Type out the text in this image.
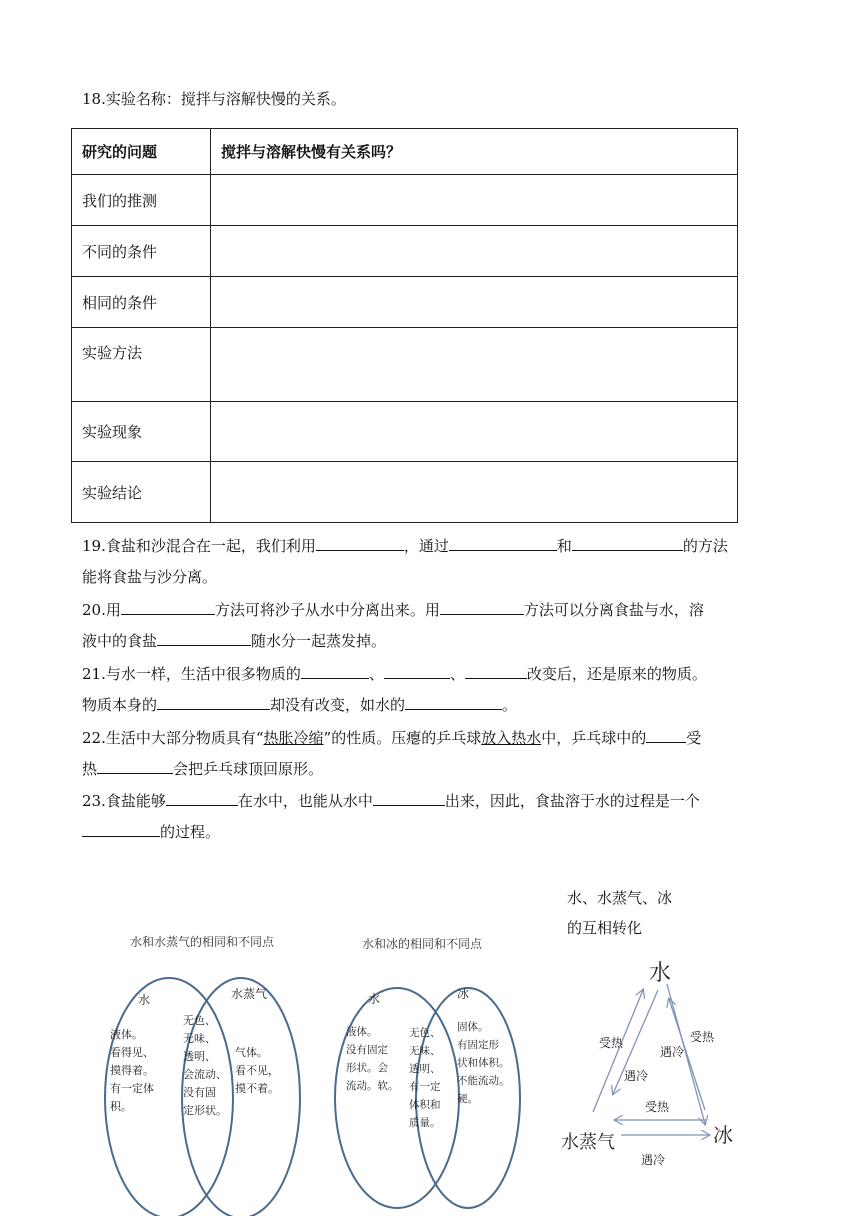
18.实验名称：搅拌与溶解快慢的关系。
研究的问题	搅拌与溶解快慢有关系吗？
我们的推测	
不同的条件	
相同的条件	
实验方法	
实验现象	
实验结论	
19.食盐和沙混合在一起，我们利用	，通过	和	的方法
能将食盐与沙分离。
20.用	方法可将沙子从水中分离出来。用	方法可以分离食盐与水，溶
液中的食盐	随水分一起蒸发掉。
21.与水一样，生活中很多物质的	、	、	改变后，还是原来的物质。
物质本身的	却没有改变，如水的	。
22.生活中大部分物质具有“热胀冷缩”的性质。压瘪的乒乓球放入热水中，乒乓球中的	受
热	会把乒乓球顶回原形。
23.食盐能够	在水中，也能从水中	出来，因此，食盐溶于水的过程是一个
的过程。
水和水蒸气的相同和不同点
水	水蒸气
液体。
看得见、
摸得着。
有一定体
积。
无色、
无味、
透明、
会流动、
没有固
定形状。
气体。
看不见，
摸不着。
水和冰的相同和不同点
水	冰
液体。
没有固定
形状。会
流动。软。
无色、
无味、
透明、
有一定
体积和
质量。
固体。
有固定形
状和体积。
不能流动。
硬。
水、水蒸气、冰
的互相转化
水
水蒸气	冰
受热
遇冷
受热
遇冷
受热
遇冷
